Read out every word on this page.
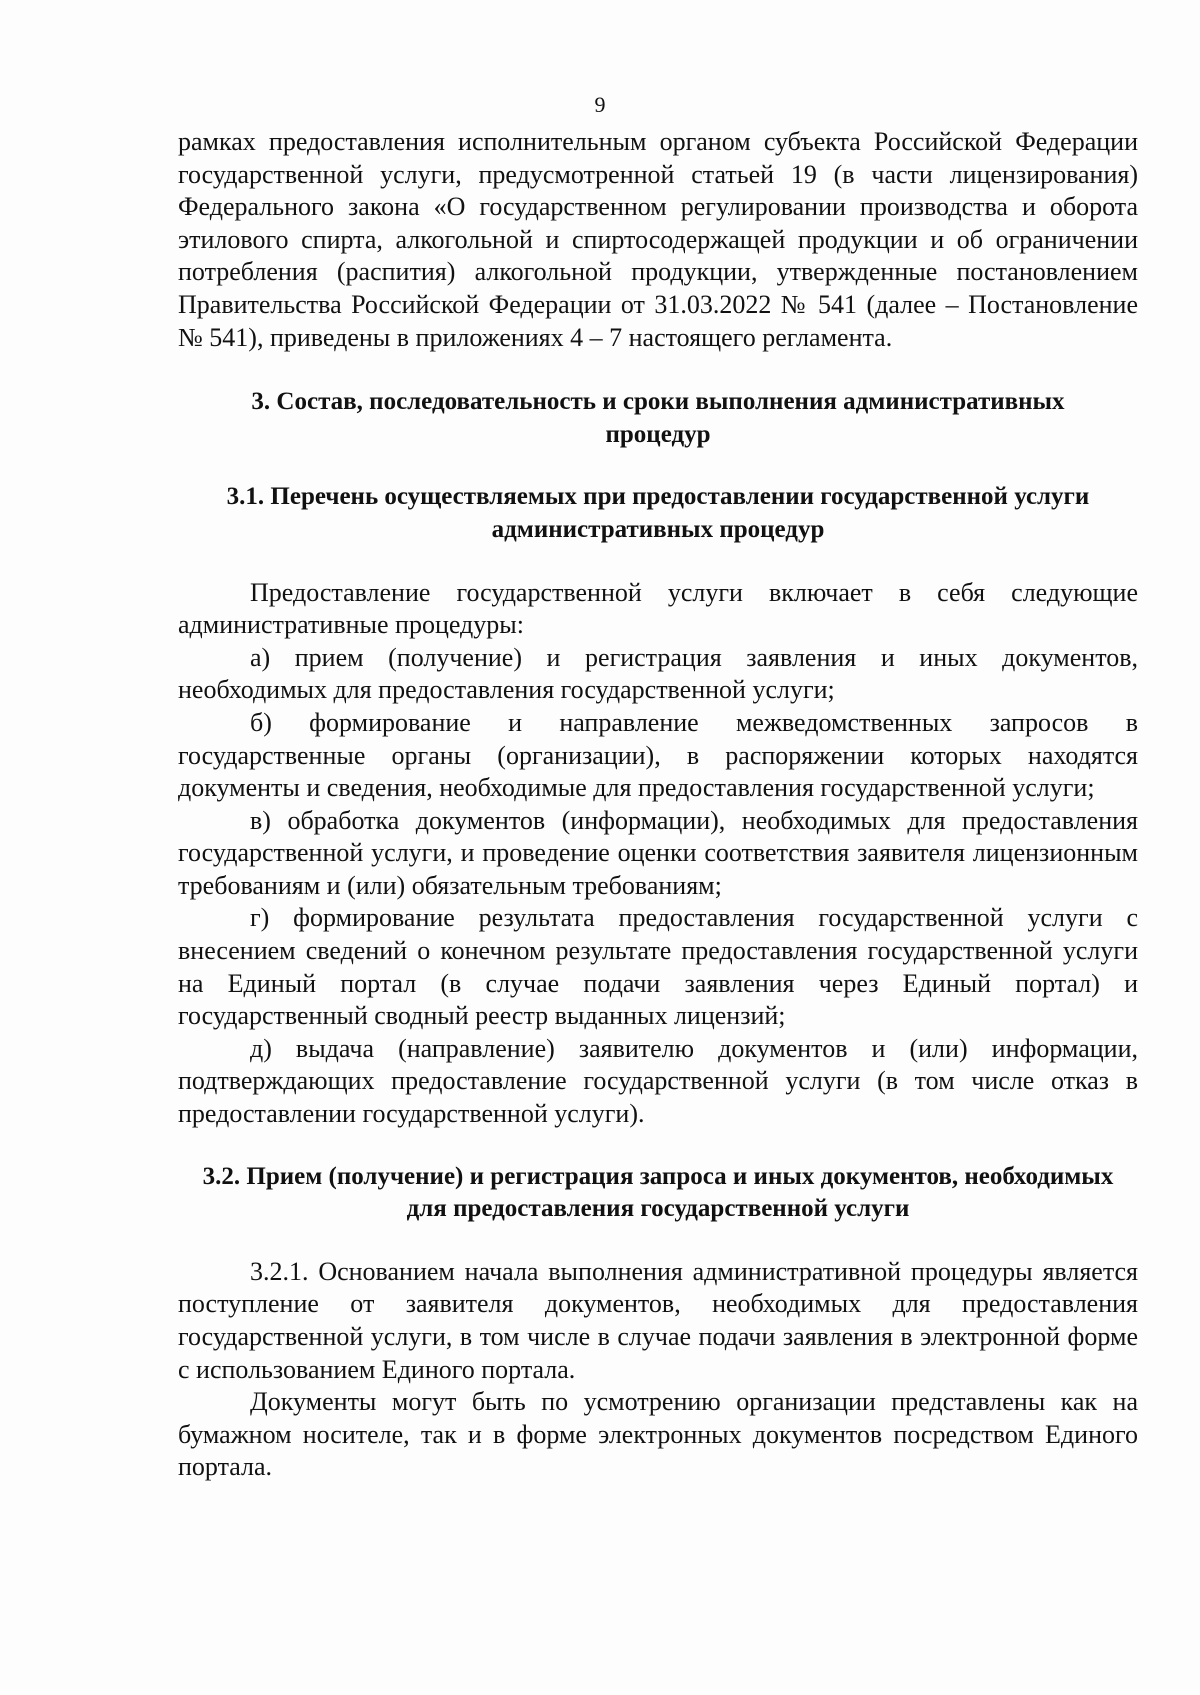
9

рамках предоставления исполнительным органом субъекта Российской Федерации государственной услуги, предусмотренной статьей 19 (в части лицензирования) Федерального закона «О государственном регулировании производства и оборота этилового спирта, алкогольной и спиртосодержащей продукции и об ограничении потребления (распития) алкогольной продукции, утвержденные постановлением Правительства Российской Федерации от 31.03.2022 № 541 (далее – Постановление № 541), приведены в приложениях 4 – 7 настоящего регламента.

3. Состав, последовательность и сроки выполнения административных процедур
3.1. Перечень осуществляемых при предоставлении государственной услуги административных процедур

Предоставление государственной услуги включает в себя следующие административные процедуры:

а) прием (получение) и регистрация заявления и иных документов, необходимых для предоставления государственной услуги;

б) формирование и направление межведомственных запросов в государственные органы (организации), в распоряжении которых находятся документы и сведения, необходимые для предоставления государственной услуги;

в) обработка документов (информации), необходимых для предоставления государственной услуги, и проведение оценки соответствия заявителя лицензионным требованиям и (или) обязательным требованиям;

г) формирование результата предоставления государственной услуги с внесением сведений о конечном результате предоставления государственной услуги на Единый портал (в случае подачи заявления через Единый портал) и государственный сводный реестр выданных лицензий;

д) выдача (направление) заявителю документов и (или) информации, подтверждающих предоставление государственной услуги (в том числе отказ в предоставлении государственной услуги).

3.2. Прием (получение) и регистрация запроса и иных документов, необходимых для предоставления государственной услуги

3.2.1. Основанием начала выполнения административной процедуры является поступление от заявителя документов, необходимых для предоставления государственной услуги, в том числе в случае подачи заявления в электронной форме с использованием Единого портала.

Документы могут быть по усмотрению организации представлены как на бумажном носителе, так и в форме электронных документов посредством Единого портала.
